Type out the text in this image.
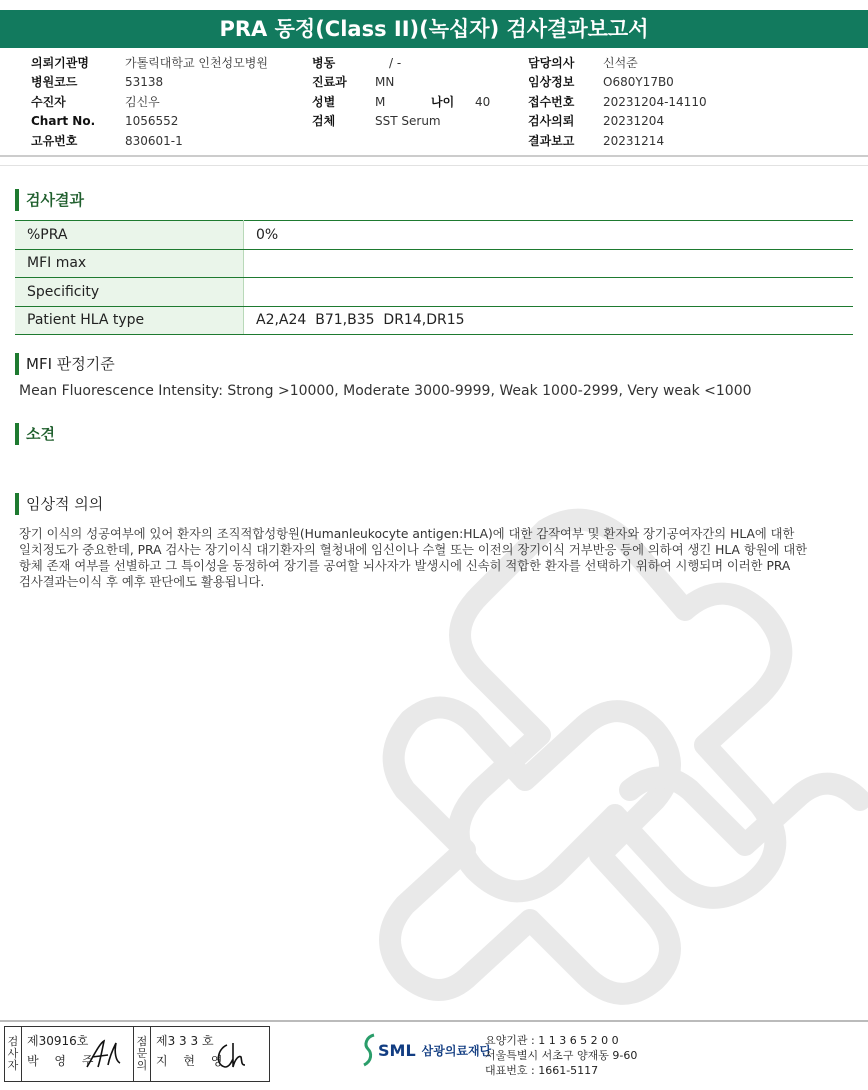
PRA 동정(Class II)(녹십자) 검사결과보고서
의뢰기관명	가톨릭대학교 인천성모병원
병원코드	53138
수진자	김신우
Chart No.	1056552
고유번호	830601-1
병동	/ -
진료과	MN
성별	M	나이	40
검체	SST Serum
담당의사	신석준
임상정보	O680Y17B0
접수번호	20231204-14110
검사의뢰	20231204
결과보고	20231214
검사결과
%PRA	0%
MFI max	
Specificity	
Patient HLA type	A2,A24  B71,B35  DR14,DR15
MFI 판정기준
Mean Fluorescence Intensity: Strong >10000, Moderate 3000-9999, Weak 1000-2999, Very weak <1000
소견
임상적 의의
장기 이식의 성공여부에 있어 환자의 조직적합성항원(Humanleukocyte antigen:HLA)에 대한 감작여부 및 환자와 장기공여자간의 HLA에 대한
일치정도가 중요한데, PRA 검사는 장기이식 대기환자의 혈청내에 임신이나 수혈 또는 이전의 장기이식 거부반응 등에 의하여 생긴 HLA 항원에 대한
항체 존재 여부를 선별하고 그 특이성을 동정하여 장기를 공여할 뇌사자가 발생시에 신속히 적합한 환자를 선택하기 위하여 시행되며 이러한 PRA
검사결과는이식 후 예후 판단에도 활용됩니다.
검
사
자
제30916호
박 영 주
점
문
의
제3 3 3 호
지 현 영
SML 삼광의료재단
요양기관 : 1 1 3 6 5 2 0 0
서울특별시 서초구 양재동 9-60
대표번호 : 1661-5117
